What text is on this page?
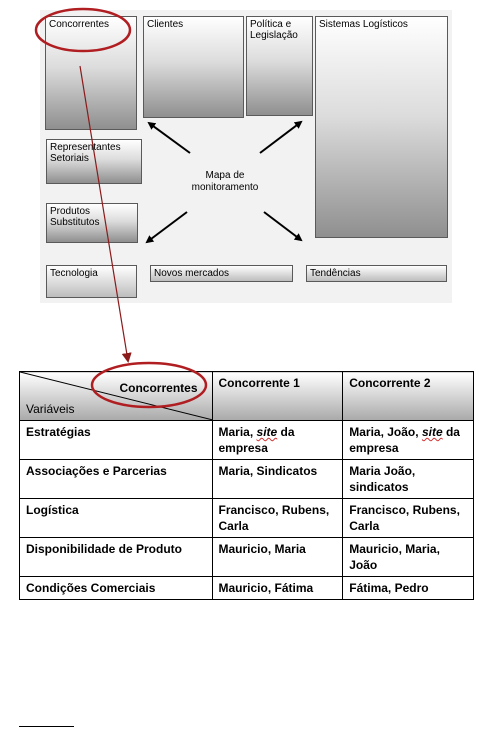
Concorrentes	Clientes	Política e
Legislação
Sistemas Logísticos
Representantes
Setoriais
Produtos
Substitutos
Tecnologia	Novos mercados	Tendências
Mapa de
monitoramento
Concorrentes
Variáveis	Concorrente 1	Concorrente 2
Estratégias	Maria, site da empresa	Maria, João, site da empresa
Associações e Parcerias	Maria, Sindicatos	Maria João, sindicatos
Logística	Francisco, Rubens, Carla	Francisco, Rubens, Carla
Disponibilidade de Produto	Mauricio, Maria	Mauricio, Maria, João
Condições Comerciais	Mauricio, Fátima	Fátima, Pedro
